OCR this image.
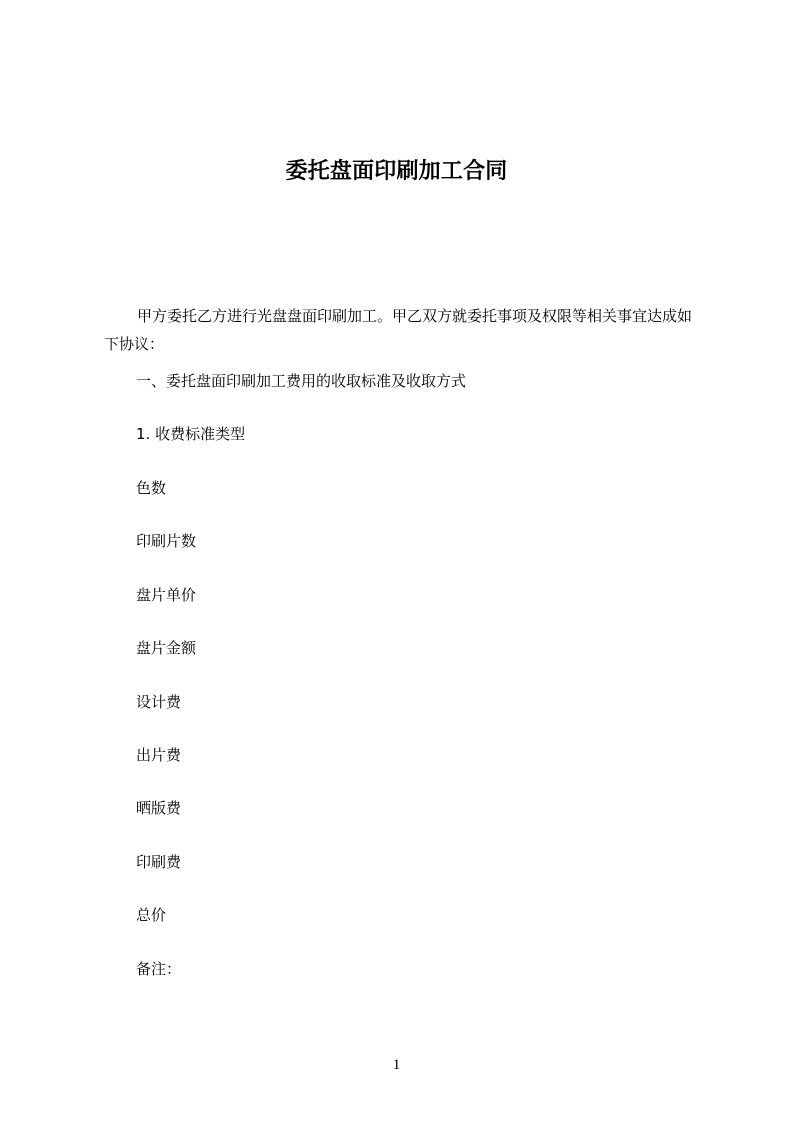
委托盘面印刷加工合同

甲方委托乙方进行光盘盘面印刷加工。甲乙双方就委托事项及权限等相关事宜达成如下协议：

一、委托盘面印刷加工费用的收取标准及收取方式
1. 收费标准类型
色数
印刷片数
盘片单价
盘片金额
设计费
出片费
晒版费
印刷费
总价
备注：
1
